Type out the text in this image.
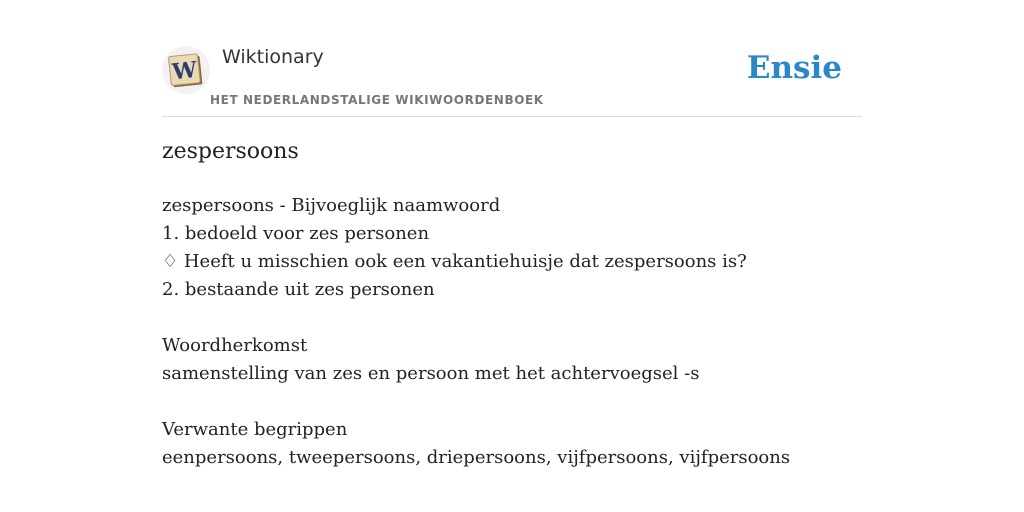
W Wiktionary
HET NEDERLANDSTALIGE WIKIWOORDENBOEK
Ensie
zespersoons
zespersoons - Bijvoeglijk naamwoord
1. bedoeld voor zes personen
♢ Heeft u misschien ook een vakantiehuisje dat zespersoons is?
2. bestaande uit zes personen
Woordherkomst
samenstelling van zes en persoon met het achtervoegsel -s
Verwante begrippen
eenpersoons, tweepersoons, driepersoons, vijfpersoons, vijfpersoons
